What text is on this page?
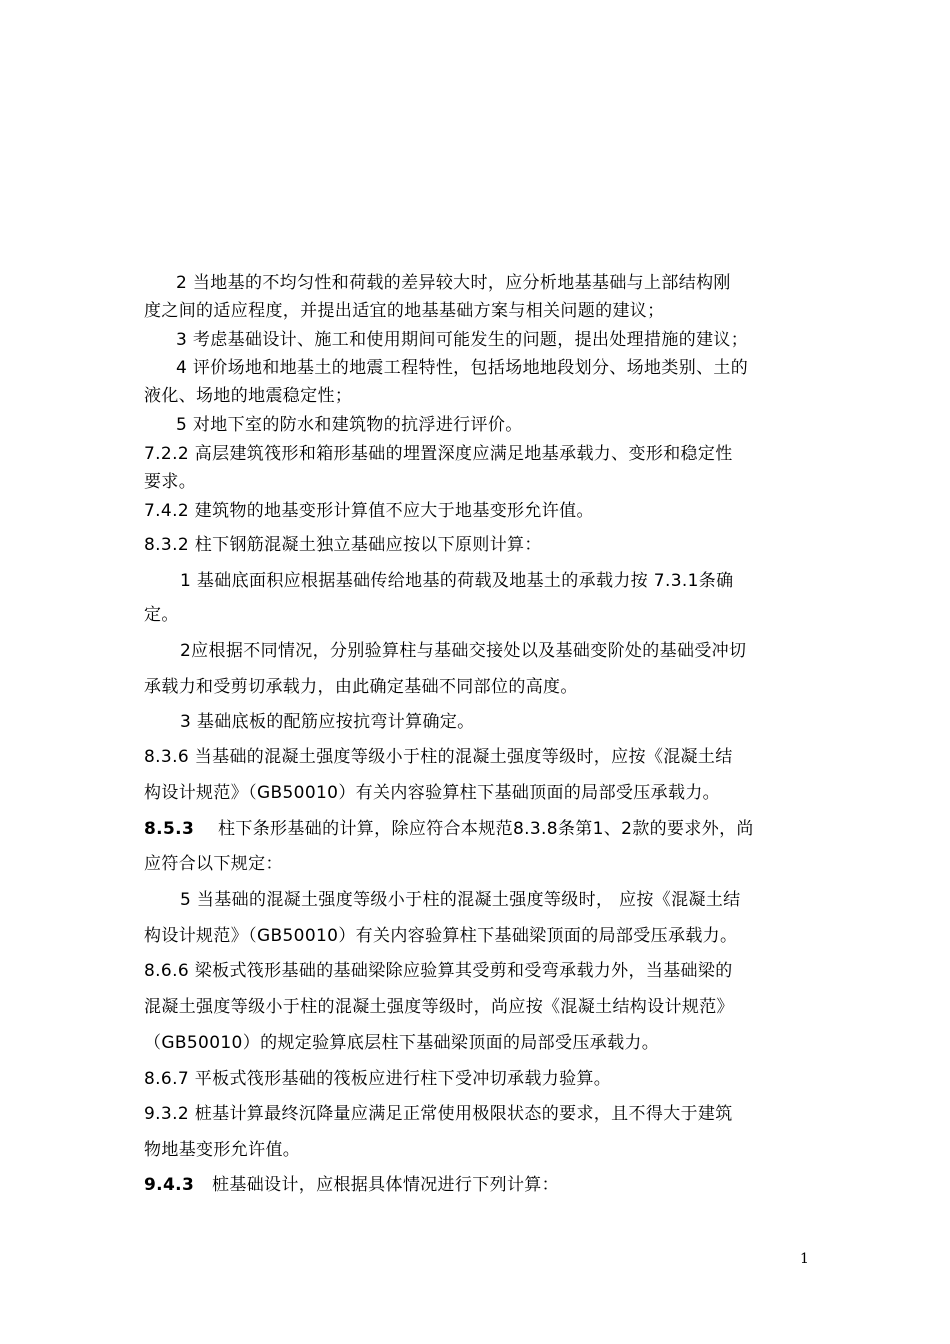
2 当地基的不均匀性和荷载的差异较大时，应分析地基基础与上部结构刚
度之间的适应程度，并提出适宜的地基基础方案与相关问题的建议；
3 考虑基础设计、施工和使用期间可能发生的问题，提出处理措施的建议；
4 评价场地和地基土的地震工程特性，包括场地地段划分、场地类别、土的
液化、场地的地震稳定性；
5 对地下室的防水和建筑物的抗浮进行评价。
7.2.2 高层建筑筏形和箱形基础的埋置深度应满足地基承载力、变形和稳定性
要求。
7.4.2 建筑物的地基变形计算值不应大于地基变形允许值。
8.3.2 柱下钢筋混凝土独立基础应按以下原则计算：
1 基础底面积应根据基础传给地基的荷载及地基土的承载力按 7.3.1条确
定。
2应根据不同情况，分别验算柱与基础交接处以及基础变阶处的基础受冲切
承载力和受剪切承载力，由此确定基础不同部位的高度。
3 基础底板的配筋应按抗弯计算确定。
8.3.6 当基础的混凝土强度等级小于柱的混凝土强度等级时，应按《混凝土结
构设计规范》（GB50010）有关内容验算柱下基础顶面的局部受压承载力。
8.5.3 柱下条形基础的计算，除应符合本规范8.3.8条第1、2款的要求外，尚
应符合以下规定：
5 当基础的混凝土强度等级小于柱的混凝土强度等级时， 应按《混凝土结
构设计规范》（GB50010）有关内容验算柱下基础梁顶面的局部受压承载力。
8.6.6 梁板式筏形基础的基础梁除应验算其受剪和受弯承载力外，当基础梁的
混凝土强度等级小于柱的混凝土强度等级时，尚应按《混凝土结构设计规范》
（GB50010）的规定验算底层柱下基础梁顶面的局部受压承载力。
8.6.7 平板式筏形基础的筏板应进行柱下受冲切承载力验算。
9.3.2 桩基计算最终沉降量应满足正常使用极限状态的要求，且不得大于建筑
物地基变形允许值。
9.4.3 桩基础设计，应根据具体情况进行下列计算：
1
